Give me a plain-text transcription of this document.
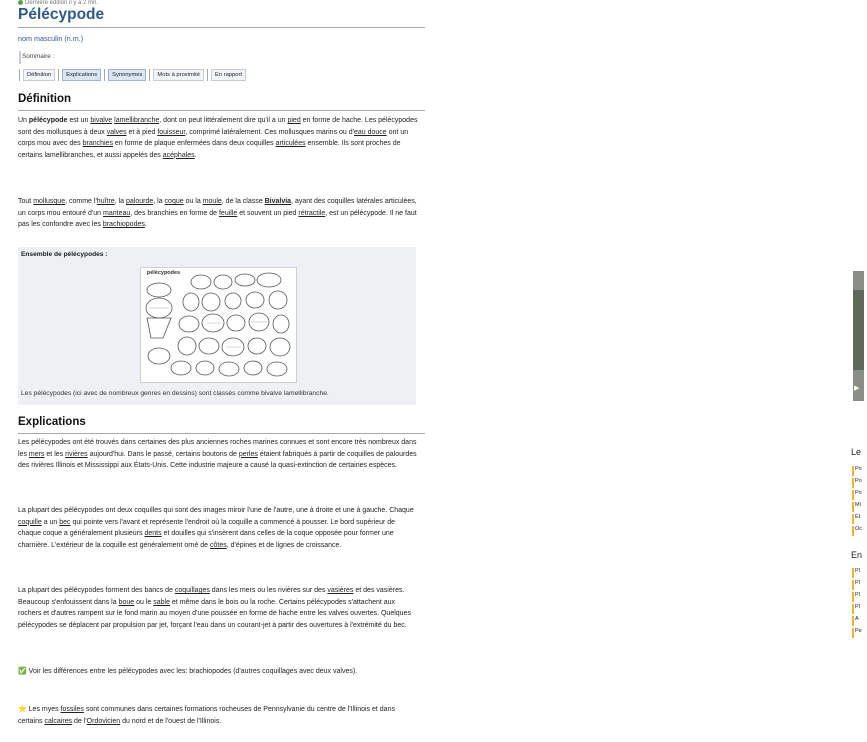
Dernière édition il y a 2 mn.
Pélécypode
nom masculin (n.m.)
Sommaire :
Définition	Explications	Synonymes	Mots à proximité	En rapport
Définition
Un pélécypode est un bivalve lamellibranche, dont on peut littéralement dire qu'il a un pied en forme de hache. Les pélécypodes sont des mollusques à deux valves et à pied fouisseur, comprimé latéralement. Ces mollusques marins ou d'eau douce ont un corps mou avec des branchies en forme de plaque enfermées dans deux coquilles articulées ensemble. Ils sont proches de certains lamellibranches, et aussi appelés des acéphales.
Tout mollusque, comme l'huître, la palourde, la coque ou la moule, de la classe Bivalvia, ayant des coquilles latérales articulées, un corps mou entouré d'un manteau, des branchies en forme de feuille et souvent un pied rétractile, est un pélécypode. Il ne faut pas les confondre avec les brachiopodes.
Ensemble de pélécypodes :
pélécypodes
Les pélécypodes (ici avec de nombreux genres en dessins) sont classés comme bivalve lamellibranche.
Explications
Les pélécypodes ont été trouvés dans certaines des plus anciennes roches marines connues et sont encore très nombreux dans les mers et les rivières aujourd'hui. Dans le passé, certains boutons de perles étaient fabriqués à partir de coquilles de palourdes des rivières Illinois et Mississippi aux États-Unis. Cette industrie majeure a causé la quasi-extinction de certaines espèces.
La plupart des pélécypodes ont deux coquilles qui sont des images miroir l'une de l'autre, une à droite et une à gauche. Chaque coquille a un bec qui pointe vers l'avant et représente l'endroit où la coquille a commencé à pousser. Le bord supérieur de chaque coque a généralement plusieurs dents et douilles qui s'insèrent dans celles de la coque opposée pour former une charnière. L'extérieur de la coquille est généralement orné de côtes, d'épines et de lignes de croissance.
La plupart des pélécypodes forment des bancs de coquillages dans les mers ou les rivières sur des vasières et des vasières. Beaucoup s'enfouissent dans la boue ou le sable et même dans le bois ou la roche. Certains pélécypodes s'attachent aux rochers et d'autres rampent sur le fond marin au moyen d'une poussée en forme de hache entre les valves ouvertes. Quelques pélécypodes se déplacent par propulsion par jet, forçant l'eau dans un courant-jet à partir des ouvertures à l'extrémité du bec.
✅ Voir les différences entre les pélécypodes avec les: brachiopodes (d'autres coquillages avec deux valves).
⭐ Les myes fossiles sont communes dans certaines formations rocheuses de Pennsylvanie du centre de l'Illinois et dans certains calcaires de l'Ordovicien du nord et de l'ouest de l'Illinois.
▶
Le
Po
Po
Po
Mi
Ét
Oc
En
Pl
Pl
Pl
Pl
A
Pe
